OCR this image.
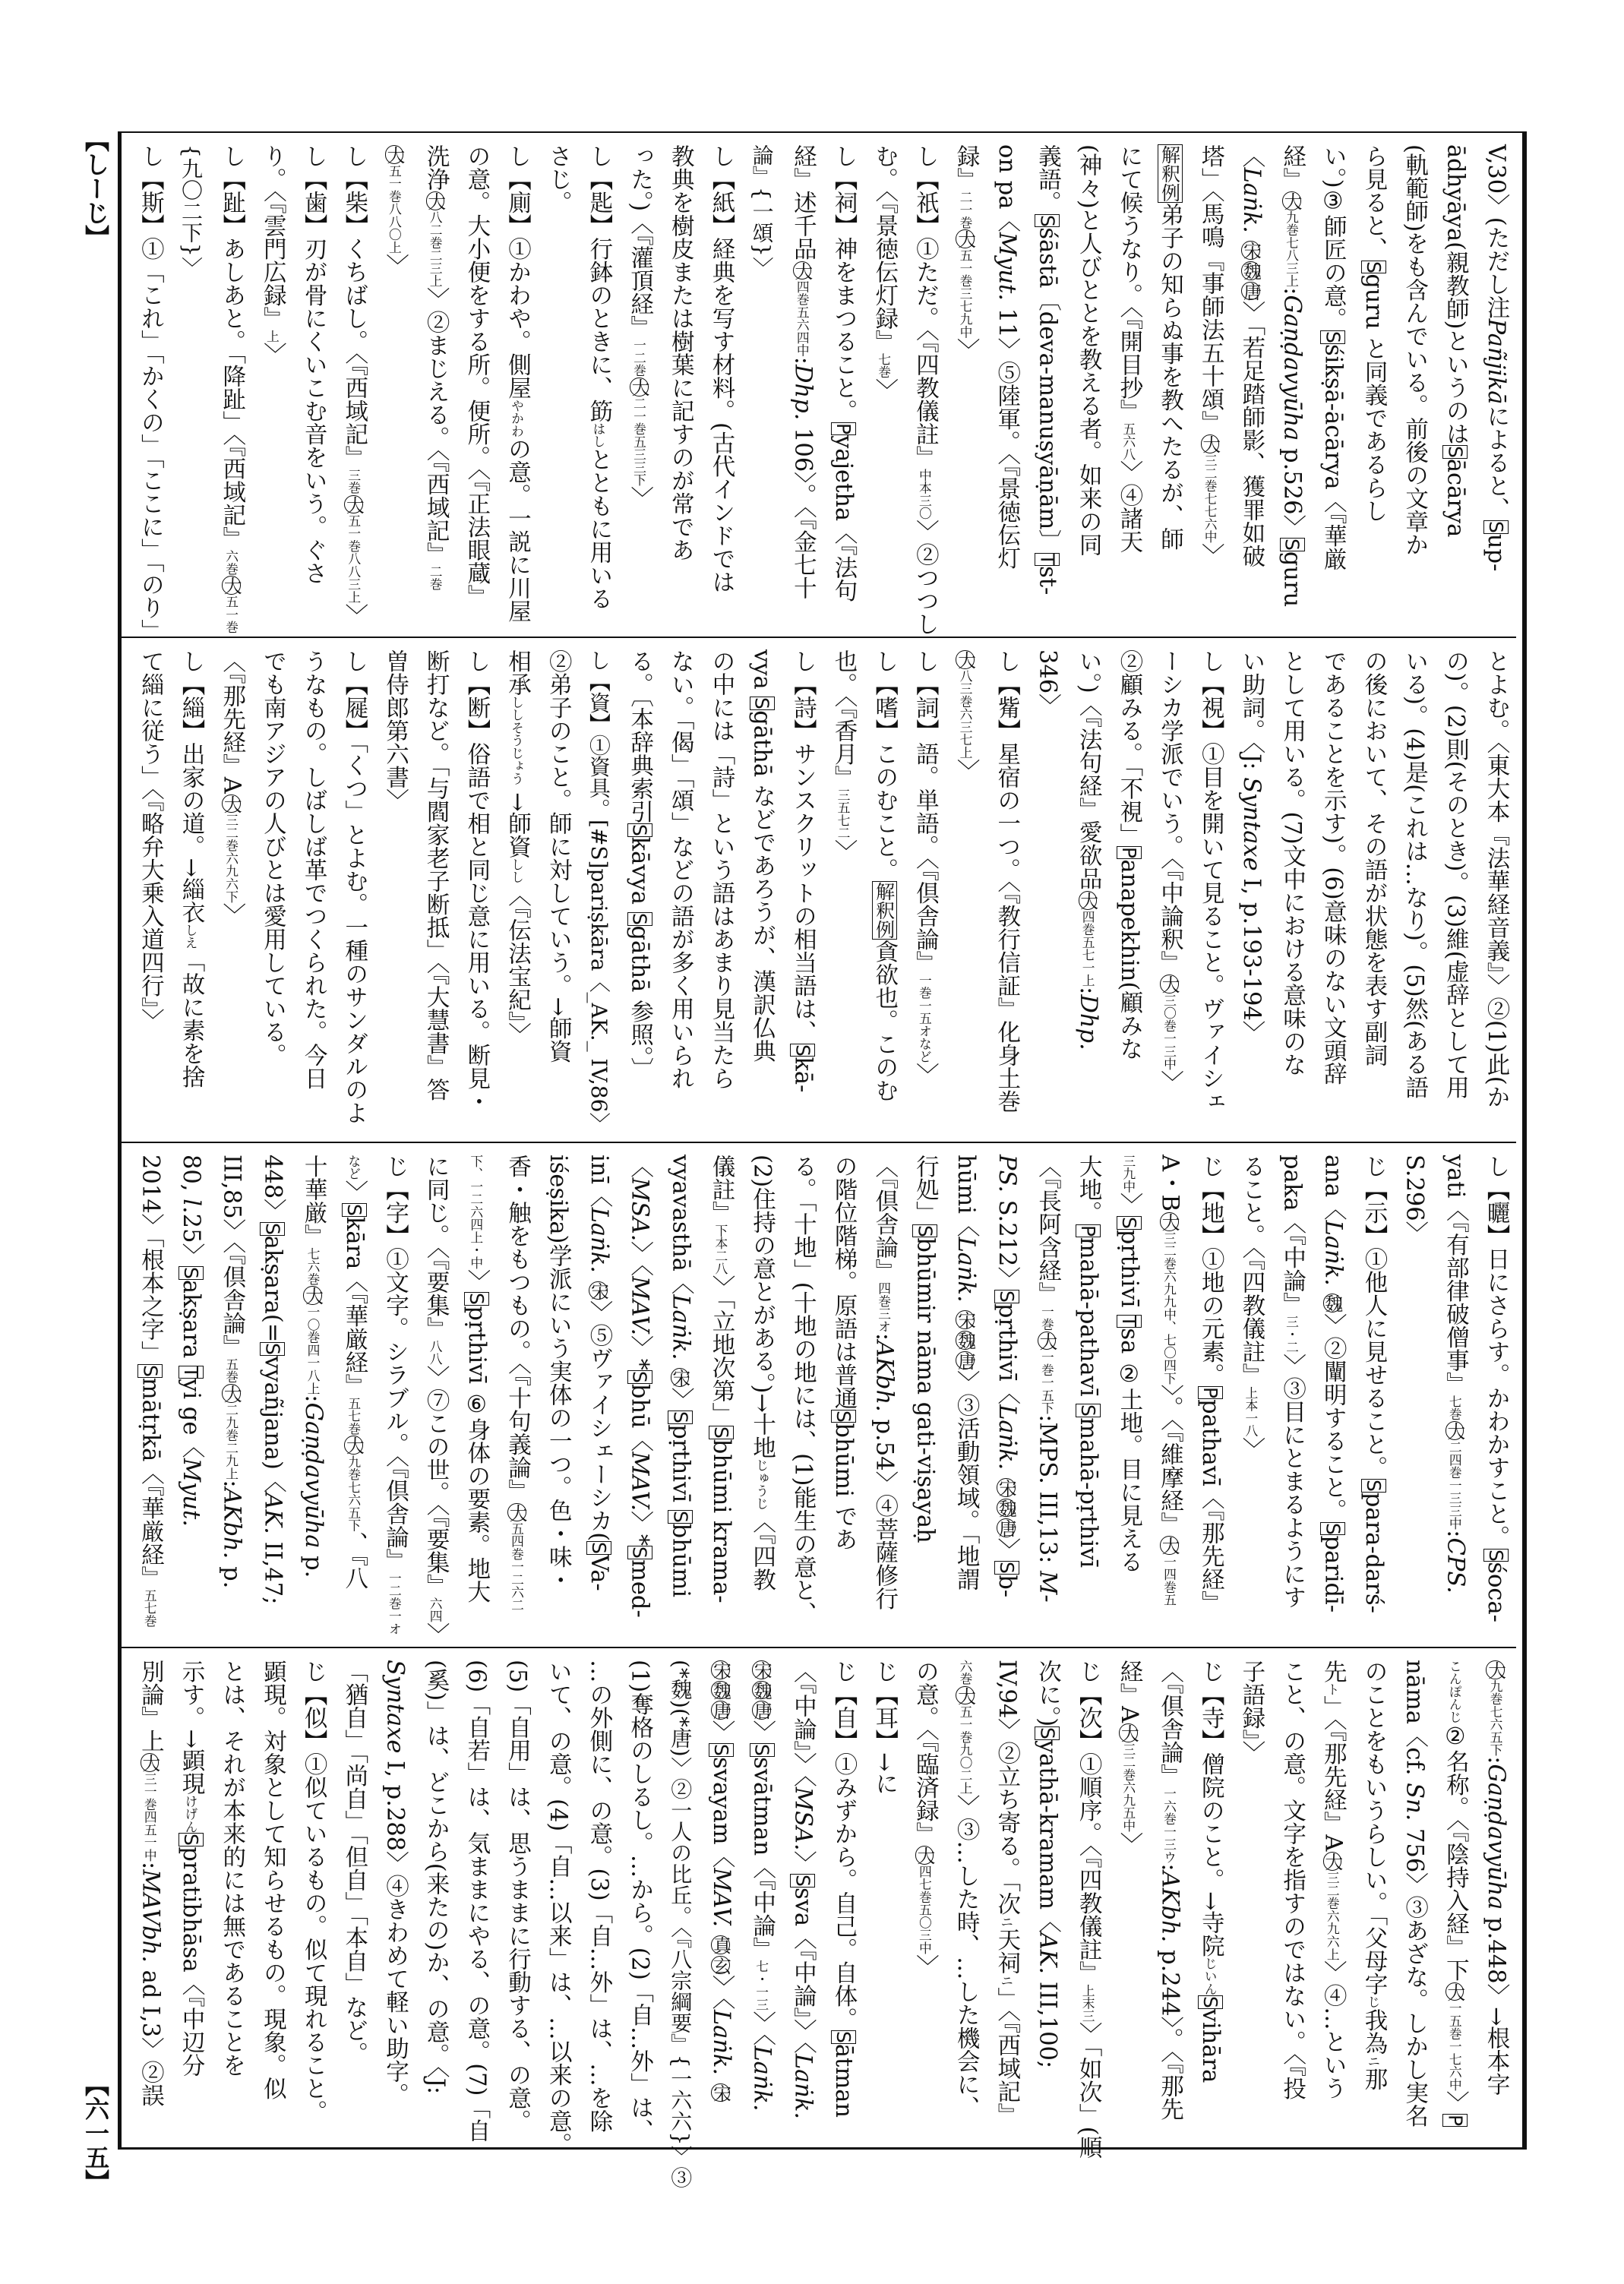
【しーじ】
【六一五】
V,30〉(ただし注Pañjikāによると、Sup-
ādhyāya(親教師)というのはSācārya
(軌範師)をも含んでいる。前後の文章か
ら見ると、Sguru と同義であるらし
い。)③師匠の意。Sśikṣā-ācārya〈『華厳
経』大九巻七八三上:Gaṇḍavyūha p.526〉Sguru
〈Laṅk. 宋魏唐〉「若足踏師影、獲罪如破
塔」〈馬鳴『事師法五十頌』大三二巻七七六中〉
解釈例弟子の知らぬ事を教へたるが、師
にて候うなり。〈『開目抄』五六八〉④諸天
(神々)と人びととを教える者。如来の同
義語。Sśāstā〔deva-manuṣyāṇām〕Tst-
on pa〈Myut. 11〉⑤陸軍。〈『景徳伝灯
録』二一巻大五一巻三七九中〉
し【祇】①ただ。〈『四教儀註』中本三〇〉②つつし
む。〈『景徳伝灯録』七巻〉
し【祠】神をまつること。Pyajetha〈『法句
経』述千品大四巻五六四中:Dhp. 106〉。〈『金七十
論』{一頌}〉
し【紙】経典を写す材料。(古代インドでは
教典を樹皮または樹葉に記すのが常であ
った。)〈『灌頂経』一二巻大二一巻五三三下〉
し【匙】行鉢のときに、筯はしとともに用いる
さじ。
し【廁】①かわや。側屋やかわの意。一説に川屋
の意。大小便をする所。便所。〈『正法眼蔵』
洗浄大八二巻二三上〉②まじえる。〈『西域記』二巻
大五一巻八八〇上〉
し【柴】くちばし。〈『西域記』三巻大五一巻八八三上〉
し【歯】刃が骨にくいこむ音をいう。ぐさ
り。〈『雲門広録』上〉
し【趾】あしあと。「降趾」〈『西域記』六巻大五一巻
{九〇二下}〉
し【斯】①「これ」「かくの」「ここに」「のり」
とよむ。〈東大本『法華経音義』〉②(1)此(か
の)。(2)則(そのとき)。(3)維(虚辞として用
いる)。(4)是(これは…なり)。(5)然(ある語
の後において、その語が状態を表す副詞
であることを示す)。(6)意味のない文頭辞
として用いる。(7)文中における意味のな
い助詞。〈J: Syntaxe I, p.193-194〉
し【視】①目を開いて見ること。ヴァイシェ
ーシカ学派でいう。〈『中論釈』大三〇巻一三中〉
②顧みる。「不視」Panapekhin(顧みな
い。)〈『法句経』愛欲品大四巻五七一上:Dhp.
346〉
し【觜】星宿の一つ。〈『教行信証』化身土巻
大八三巻六三七上〉
し【詞】語。単語。〈『倶舎論』一巻一五オなど〉
し【嗜】このむこと。解釈例貪欲也。このむ
也。〈『香月』三五七二〉
し【詩】サンスクリットの相当語は、Skā-
vya Sgāthā などであろうが、漢訳仏典
の中には「詩」という語はあまり見当たら
ない。「偈」「頌」などの語が多く用いられ
る。〔本辞典索引Skāvya Sgāthā 参照。〕
し【資】①資具。[#S]pariṣkāra〈_AK._ IV,86〉
②弟子のこと。師に対していう。→師資
相承ししそうじょう →師資しし〈『伝法宝紀』〉
し【断】俗語で相と同じ意に用いる。断見・
断打など。「与閻家老子断抵」〈『大慧書』答
曽侍郎第六書〉
し【屣】「くつ」とよむ。一種のサンダルのよ
うなもの。しばしば革でつくられた。今日
でも南アジアの人びとは愛用している。
〈『那先経』A大三二巻六九六下〉
し【緇】出家の道。→緇衣しえ「故に素を捨
て緇に従う」〈『略弁大乗入道四行』〉
し【曬】日にさらす。かわかすこと。Sśoca-
yati〈『有部律破僧事』七巻大二四巻一三三中:CPS.
S.296〉
じ【示】①他人に見せること。Spara-darś-
ana〈Laṅk. 魏〉②闡明すること。Sparidī-
paka〈『中論』三・二〉③目にとまるようにす
ること。〈『四教儀註』上本一八〉
じ【地】①地の元素。Ppathavī〈『那先経』
A・B大三二巻六九九中、七〇四下〉。〈『維摩経』大一四巻五
三九中〉Spṛthivī Tsa ②土地。目に見える
大地。Pmahā-pathavī Smahā-pṛthivī
〈『長阿含経』一巻大一巻一五下:MPS. III,13: M-
PS. S.212〉Spṛthivī〈Laṅk. 宋魏唐〉Sb-
hūmi〈Laṅk. 宋魏唐〉③活動領域。「地謂
行処」Sbhūmir nāma gati-viṣayaḥ
〈『倶舎論』四巻三オ:AKbh. p.54〉④菩薩修行
の階位階梯。原語は普通Sbhūmi であ
る。「十地」(十地の地には、(1)能生の意と、
(2)住持の意とがある。)→十地じゅうじ〈『四教
儀註』下本二八〉「立地次第」Sbhūmi krama-
vyavasthā〈Laṅk. 宋〉Spṛthivī Sbhūmi
〈MSA.〉〈MAV.〉*Sbhū〈MAV.〉*Smed-
inī〈Laṅk. 宋〉⑤ヴァイシェーシカ(SVa-
iśeṣika)学派にいう実体の一つ。色・味・
香・触をもつもの。〈『十句義論』大五四巻一二六二
下、一二六四上・中〉Spṛthivī ⑥身体の要素。地大
に同じ。〈『要集』八八〉⑦この世。〈『要集』六四〉
じ【字】①文字。シラブル。〈『倶舎論』一二巻一オ
など〉Skāra〈『華厳経』五七巻大九巻七六五下、『八
十華厳』七六巻大一〇巻四一八上:Gaṇḍavyūha p.
448〉Sakṣara(=Svyañjana)〈AK. II,47;
III,85〉〈『倶舎論』五巻大二九巻二九上:AKbh. p.
80, l.25〉Sakṣara Tyi ge〈Myut.
2014〉「根本之字」Smātṛkā〈『華厳経』五七巻
大九巻七六五下:Gaṇḍavyūha p.448〉→根本字
こんぽんじ②名称。〈『陰持入経』下大一五巻一七六中〉P
nāma〈cf. Sn. 756〉③あざな。しかし実名
のことをもいうらしい。「父母字じ我為ニ那
先ト」〈『那先経』A大三二巻六九六上〉④…という
こと、の意。文字を指すのではない。〈『投
子語録』〉
じ【寺】僧院のこと。→寺院じいんSvihāra
〈『倶舎論』一六巻一三ウ:AKbh. p.244〉。〈『那先
経』A大三二巻六九五中〉
じ【次】①順序。〈『四教儀註』上末三〉「如次」(順
次に。)Syathā-kramam〈AK. III,100;
IV,94〉②立ち寄る。「次ニ天祠ニ」〈『西域記』
六巻大五一巻九〇二上〉③…した時、…した機会に、
の意。〈『臨済録』大四七巻五〇三中〉
じ【耳】→に
じ【自】①みずから。自己。自体。Sātman
〈『中論』〉〈MSA.〉Ssva〈『中論』〉〈Laṅk.
宋魏唐〉Ssvātman〈『中論』七・一三〉〈Laṅk.
宋魏唐〉Ssvayam〈MAV. 真玄〉〈Laṅk. 宋
(*魏)(*唐)〉②一人の比丘。〈『八宗綱要』{一六六}〉③
(1)奪格のしるし。…から。(2)「自…外」は、
…の外側に、の意。(3)「自…外」は、…を除
いて、の意。(4)「自…以来」は、…以来の意。
(5)「自用」は、思うままに行動する、の意。
(6)「自若」は、気ままにやる、の意。(7)「自
(奚)」は、どこから(来たの)か、の意。〈J:
Syntaxe I, p.288〉④きわめて軽い助字。
「猶自」「尚自」「但自」「本自」など。
じ【似】①似ているもの。似て現れること。
顕現。対象として知らせるもの。現象。似
とは、それが本来的には無であることを
示す。→顕現けげんSpratibhāsa〈『中辺分
別論』上大三一巻四五一中:MAVbh. ad I,3〉②誤
